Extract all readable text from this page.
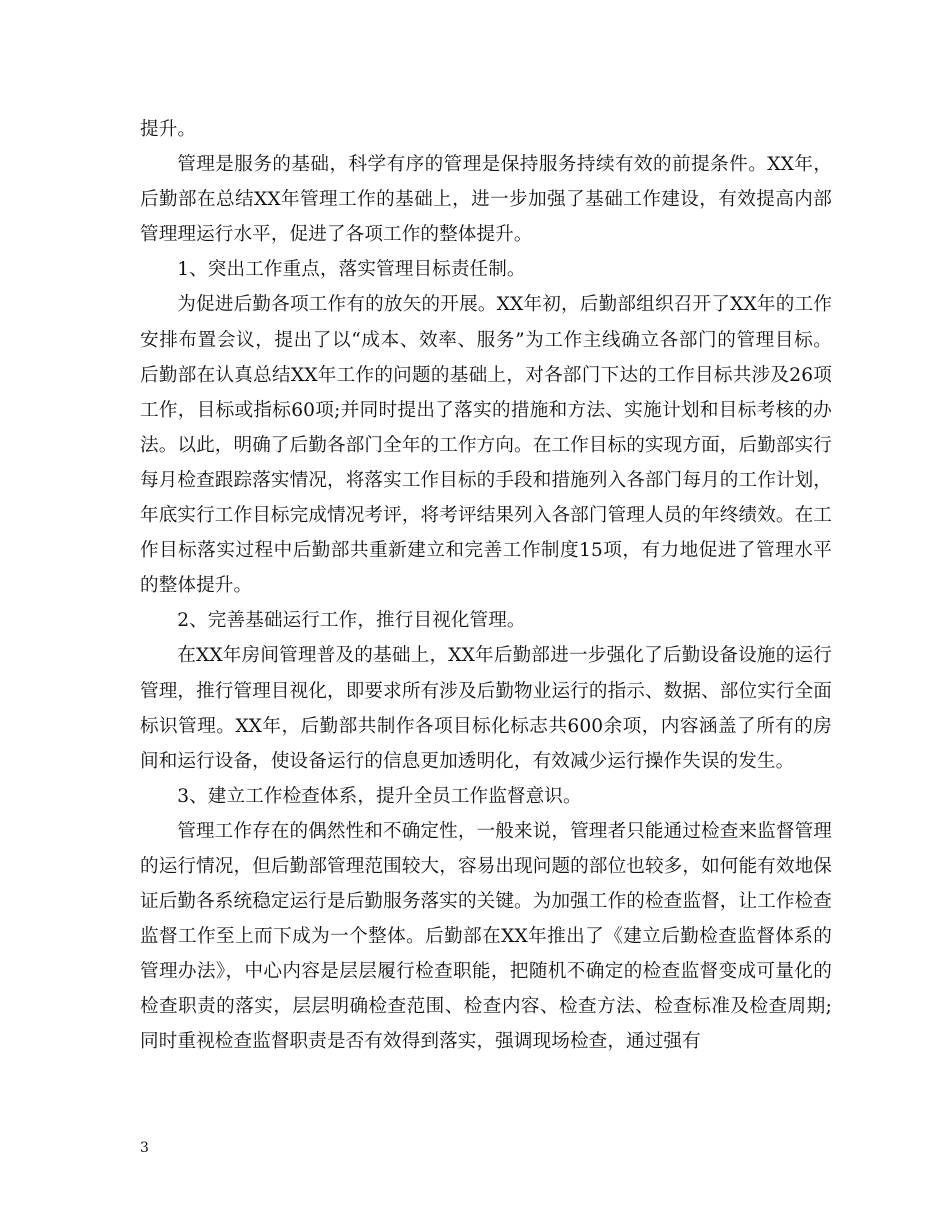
提升。

管理是服务的基础，科学有序的管理是保持服务持续有效的前提条件。XX年，后勤部在总结XX年管理工作的基础上，进一步加强了基础工作建设，有效提高内部管理理运行水平，促进了各项工作的整体提升。

1、突出工作重点，落实管理目标责任制。

为促进后勤各项工作有的放矢的开展。XX年初，后勤部组织召开了XX年的工作安排布置会议，提出了以“成本、效率、服务”为工作主线确立各部门的管理目标。后勤部在认真总结XX年工作的问题的基础上，对各部门下达的工作目标共涉及26项工作，目标或指标60项;并同时提出了落实的措施和方法、实施计划和目标考核的办法。以此，明确了后勤各部门全年的工作方向。在工作目标的实现方面，后勤部实行每月检查跟踪落实情况，将落实工作目标的手段和措施列入各部门每月的工作计划，年底实行工作目标完成情况考评，将考评结果列入各部门管理人员的年终绩效。在工作目标落实过程中后勤部共重新建立和完善工作制度15项，有力地促进了管理水平的整体提升。

2、完善基础运行工作，推行目视化管理。

在XX年房间管理普及的基础上，XX年后勤部进一步强化了后勤设备设施的运行管理，推行管理目视化，即要求所有涉及后勤物业运行的指示、数据、部位实行全面标识管理。XX年，后勤部共制作各项目标化标志共600余项，内容涵盖了所有的房间和运行设备，使设备运行的信息更加透明化，有效减少运行操作失误的发生。

3、建立工作检查体系，提升全员工作监督意识。

管理工作存在的偶然性和不确定性，一般来说，管理者只能通过检查来监督管理的运行情况，但后勤部管理范围较大，容易出现问题的部位也较多，如何能有效地保证后勤各系统稳定运行是后勤服务落实的关键。为加强工作的检查监督，让工作检查监督工作至上而下成为一个整体。后勤部在XX年推出了《建立后勤检查监督体系的管理办法》，中心内容是层层履行检查职能，把随机不确定的检查监督变成可量化的检查职责的落实，层层明确检查范围、检查内容、检查方法、检查标准及检查周期;同时重视检查监督职责是否有效得到落实，强调现场检查，通过强有

3
